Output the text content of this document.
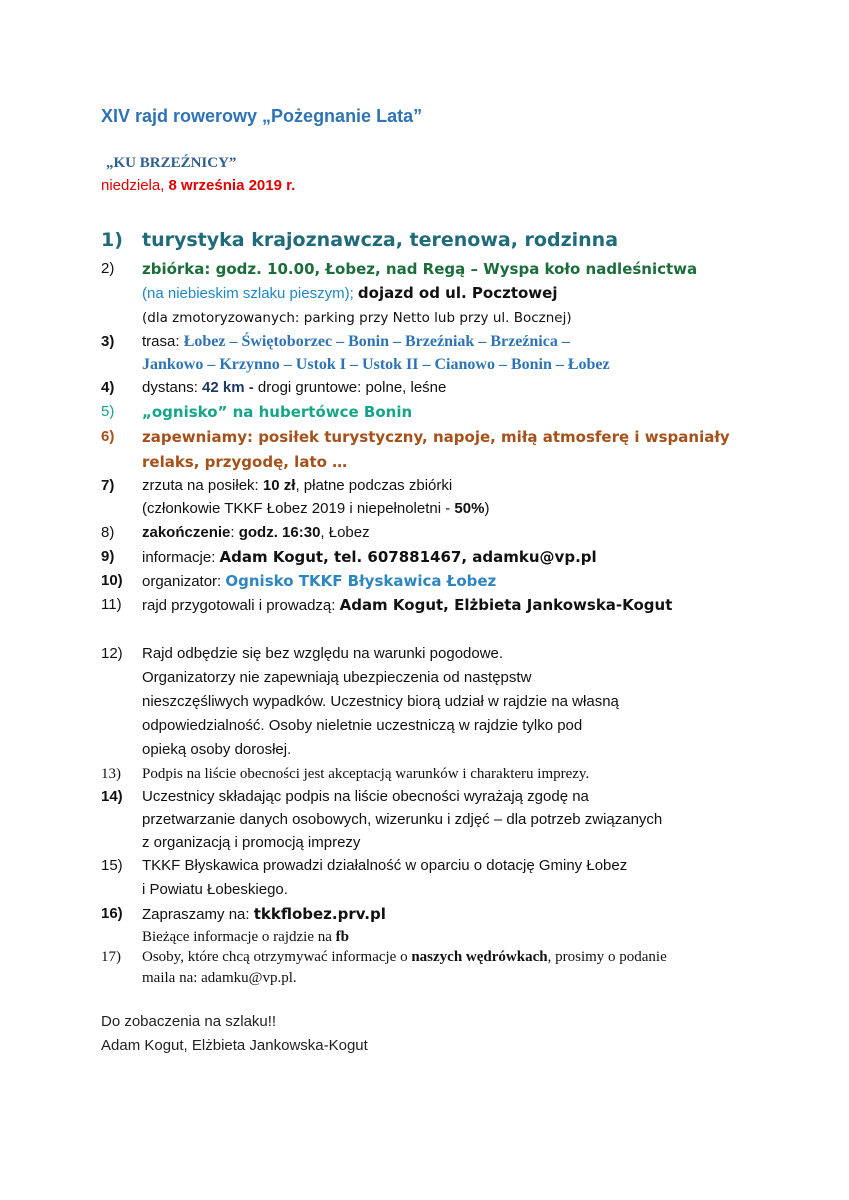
XIV rajd rowerowy „Pożegnanie Lata”
„KU BRZEŹNICY”
niedziela, 8 września 2019 r.
1) turystyka krajoznawcza, terenowa, rodzinna
2) zbiórka: godz. 10.00, Łobez, nad Regą – Wyspa koło nadleśnictwa
(na niebieskim szlaku pieszym); dojazd od ul. Pocztowej
(dla zmotoryzowanych: parking przy Netto lub przy ul. Bocznej)
3) trasa: Łobez – Świętoborzec – Bonin – Brzeźniak – Brzeźnica –
Jankowo – Krzynno – Ustok I – Ustok II – Cianowo – Bonin – Łobez
4) dystans: 42 km - drogi gruntowe: polne, leśne
5) „ognisko” na hubertówce Bonin
6) zapewniamy: posiłek turystyczny, napoje, miłą atmosferę i wspaniały
relaks, przygodę, lato …
7) zrzuta na posiłek: 10 zł, płatne podczas zbiórki
(członkowie TKKF Łobez 2019 i niepełnoletni - 50%)
8) zakończenie: godz. 16:30, Łobez
9) informacje: Adam Kogut, tel. 607881467, adamku@vp.pl
10) organizator: Ognisko TKKF Błyskawica Łobez
11) rajd przygotowali i prowadzą: Adam Kogut, Elżbieta Jankowska-Kogut
12) Rajd odbędzie się bez względu na warunki pogodowe.
Organizatorzy nie zapewniają ubezpieczenia od następstw
nieszczęśliwych wypadków. Uczestnicy biorą udział w rajdzie na własną
odpowiedzialność. Osoby nieletnie uczestniczą w rajdzie tylko pod
opieką osoby dorosłej.
13) Podpis na liście obecności jest akceptacją warunków i charakteru imprezy.
14) Uczestnicy składając podpis na liście obecności wyrażają zgodę na
przetwarzanie danych osobowych, wizerunku i zdjęć – dla potrzeb związanych
z organizacją i promocją imprezy
15) TKKF Błyskawica prowadzi działalność w oparciu o dotację Gminy Łobez
i Powiatu Łobeskiego.
16) Zapraszamy na: tkkflobez.prv.pl
Bieżące informacje o rajdzie na fb
17) Osoby, które chcą otrzymywać informacje o naszych wędrówkach, prosimy o podanie
maila na: adamku@vp.pl.
Do zobaczenia na szlaku!!
Adam Kogut, Elżbieta Jankowska-Kogut
